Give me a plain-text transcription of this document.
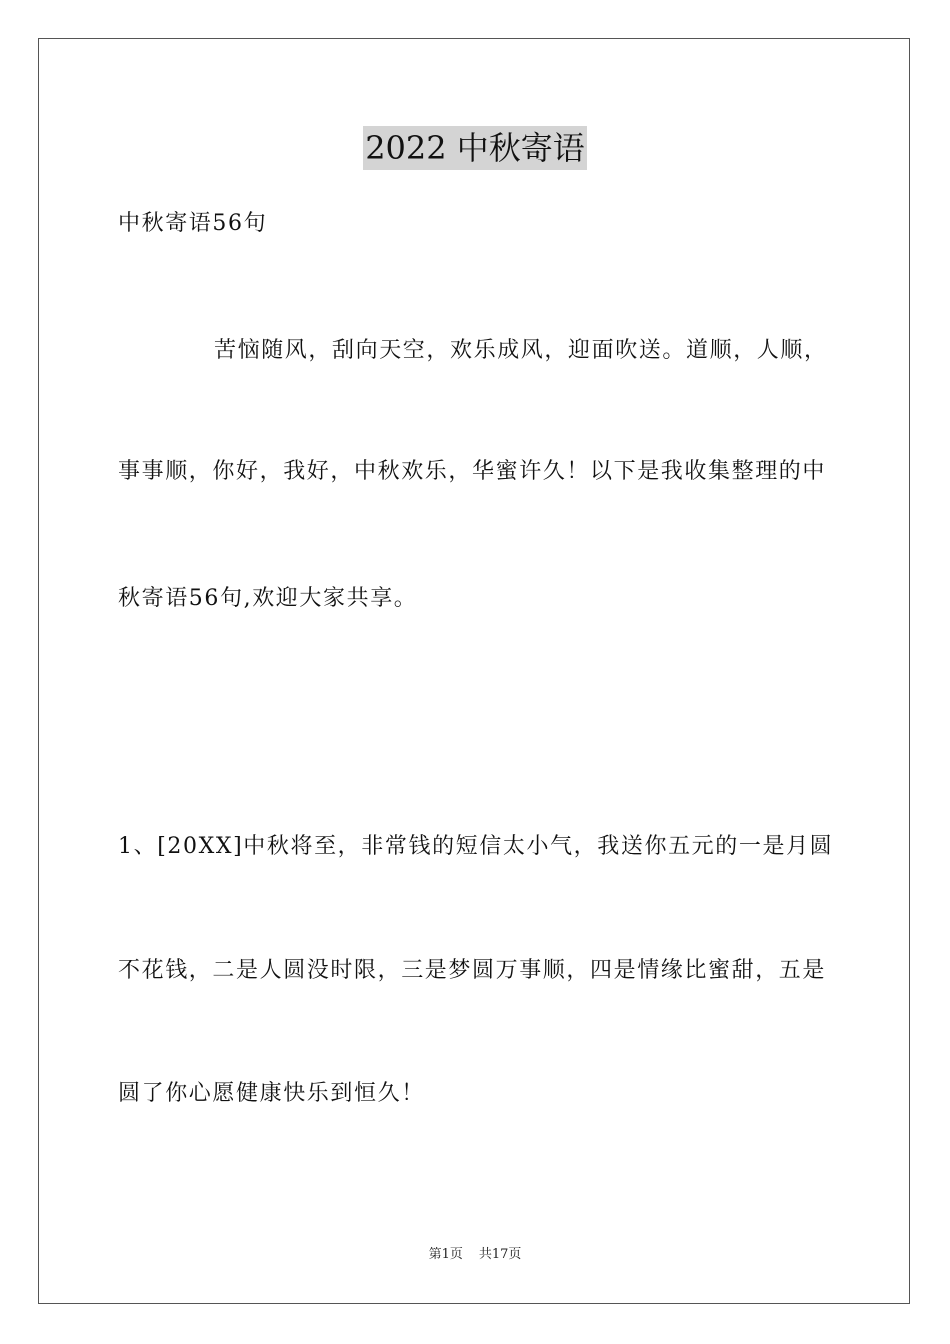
2022 中秋寄语
中秋寄语56句
苦恼随风，刮向天空，欢乐成风，迎面吹送。道顺，人顺，
事事顺，你好，我好，中秋欢乐，华蜜许久！以下是我收集整理的中
秋寄语56句,欢迎大家共享。
1、[20XX]中秋将至，非常钱的短信太小气，我送你五元的一是月圆
不花钱，二是人圆没时限，三是梦圆万事顺，四是情缘比蜜甜，五是
圆了你心愿健康快乐到恒久！
第1页 共17页
